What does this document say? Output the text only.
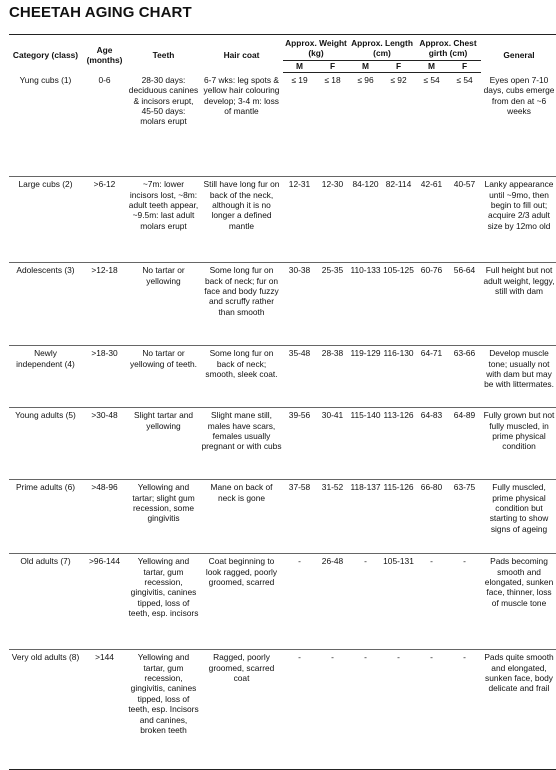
CHEETAH AGING CHART
Category (class)	Age (months)	Teeth	Hair coat	Approx. Weight (kg)		Approx. Length (cm)		Approx. Chest girth (cm)		General
				M	F	M	F	M	F	
Yung cubs (1)	0-6	28-30 days: deciduous canines & incisors erupt, 45-50 days: molars erupt	6-7 wks: leg spots & yellow hair colouring develop; 3-4 m: loss of mantle	≤ 19	≤ 18	≤ 96	≤ 92	≤ 54	≤ 54	Eyes open 7-10 days, cubs emerge from den at ~6 weeks
Large cubs (2)	>6-12	~7m: lower incisors lost, ~8m: adult teeth appear, ~9.5m: last adult molars erupt	Still have long fur on back of the neck, although it is no longer a defined mantle	12-31	12-30	84-120	82-114	42-61	40-57	Lanky appearance until ~9mo, then begin to fill out; acquire 2/3 adult size by 12mo old
Adolescents (3)	>12-18	No tartar or yellowing	Some long fur on back of neck; fur on face and body fuzzy and scruffy rather than smooth	30-38	25-35	110-133	105-125	60-76	56-64	Full height but not adult weight, leggy, still with dam
Newly independent (4)	>18-30	No tartar or yellowing of teeth.	Some long fur on back of neck; smooth, sleek coat.	35-48	28-38	119-129	116-130	64-71	63-66	Develop muscle tone; usually not with dam but may be with littermates.
Young adults (5)	>30-48	Slight tartar and yellowing	Slight mane still, males have scars, females usually pregnant or with cubs	39-56	30-41	115-140	113-126	64-83	64-89	Fully grown but not fully muscled, in prime physical condition
Prime adults (6)	>48-96	Yellowing and tartar; slight gum recession, some gingivitis	Mane on back of neck is gone	37-58	31-52	118-137	115-126	66-80	63-75	Fully muscled, prime physical condition but starting to show signs of ageing
Old adults (7)	>96-144	Yellowing and tartar, gum recession, gingivitis, canines tipped, loss of teeth, esp. incisors	Coat beginning to look ragged, poorly groomed, scarred	-	26-48	-	105-131	-	-	Pads becoming smooth and elongated, sunken face, thinner, loss of muscle tone
Very old adults (8)	>144	Yellowing and tartar, gum recession, gingivitis, canines tipped, loss of teeth, esp. Incisors and canines, broken teeth	Ragged, poorly groomed, scarred coat	-	-	-	-	-	-	Pads quite smooth and elongated, sunken face, body delicate and frail
